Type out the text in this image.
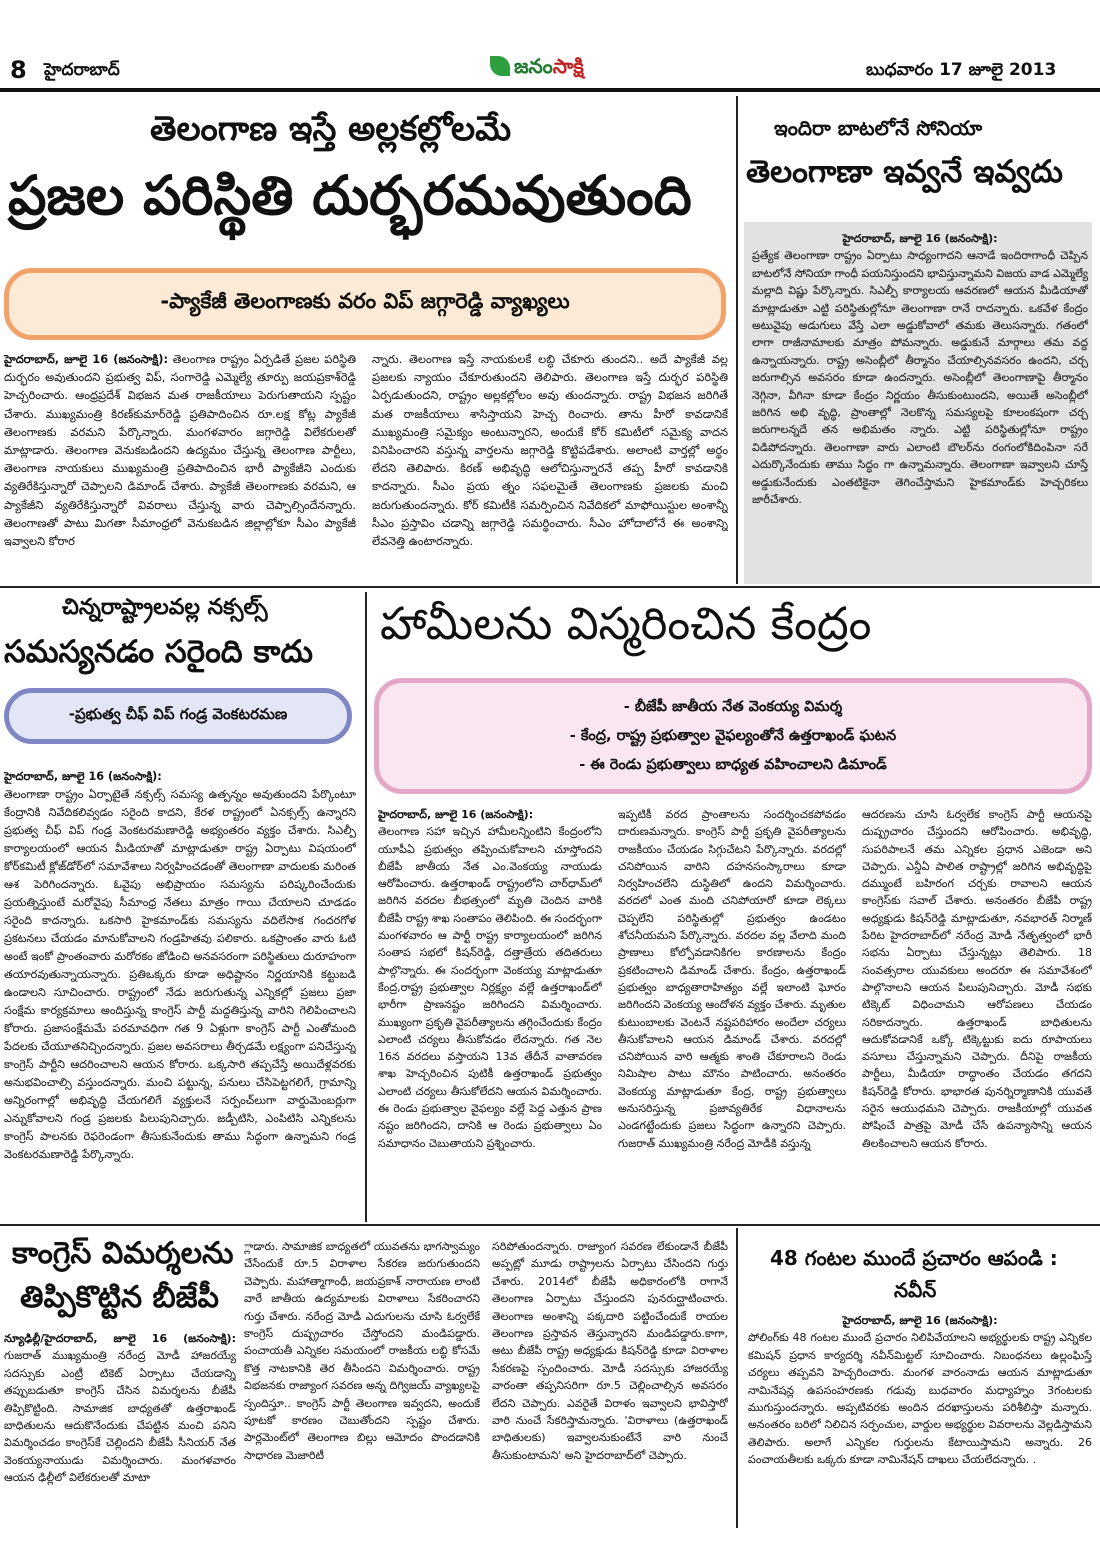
8 హైదరాబాద్‌	జనంసాక్షి	బుధవారం 17 జూలై 2013
తెలంగాణ ఇస్తే అల్లకల్లోలమే
ప్రజల పరిస్థితి దుర్భరమవుతుంది
-ప్యాకేజీ తెలంగాణకు వరం విప్‌ జగ్గారెడ్డి వ్యాఖ్యలు
హైదరాబాద్‌, జూలై 16 (జనంసాక్షి): తెలంగాణ రాష్ట్రం ఏర్పడితే ప్రజల పరిస్థితి దుర్భరం అవుతుందని ప్రభుత్వ విప్‌, సంగారెడ్డి ఎమ్మెల్యే తూర్పు జయప్రకాశ్‌రెడ్డి హెచ్చరించారు. ఆంధ్రప్రదేశ్‌ విభజన మత రాజకీయాలు పెరుగుతాయని స్పష్టం చేశారు. ముఖ్యమంత్రి కిరణ్‌కుమార్‌రెడ్డి ప్రతిపాదించిన రూ.లక్ష కోట్ల ప్యాకేజీ తెలంగాణకు వరమని పేర్కొన్నారు. మంగళవారం జగ్గారెడ్డి విలేకరులతో మాట్లాడారు. తెలంగాణ వెనుకబడిందని ఉద్యమం చేస్తున్న తెలంగాణ పార్టీలు, తెలంగాణ నాయకులు ముఖ్యమంత్రి ప్రతిపాదించిన భారీ ప్యాకేజీని ఎందుకు వ్యతిరేకిస్తున్నారో చెప్పాలని డిమాండ్‌ చేశారు. ప్యాకేజీ తెలంగాణకు వరమని, ఆ ప్యాకేజీని వ్యతిరేకిస్తున్నారో వివరాలు చేస్తున్న వారు చెప్పాల్సిందేనన్నారు. తెలంగాణతో పాటు మిగతా సీమాంధ్రలో వెనుకబడిన జిల్లాల్లోకూ సీఎం ప్యాకేజీ ఇవ్వాలని కోరార
న్నారు. తెలంగాణ ఇస్తే నాయకులకే లబ్ధి చేకూరు తుందని.. అదే ప్యాకేజీ వల్ల ప్రజలకు న్యాయం చేకూరుతుందని తెలిపారు. తెలంగాణ ఇస్తే దుర్భర పరిస్థితి ఏర్పడుతుందని, రాష్ట్రం అల్లకల్లోలం అవు తుందన్నారు. రాష్ట్ర విభజన జరిగితే మత రాజకీయాలు శాసిస్తాయని హెచ్చ రించారు. తాను హీరో కావడానికే ముఖ్యమంత్రి సమైక్యం అంటున్నారని, అందుకే కోర్‌ కమిటీలో సమైక్య వాదన వినిపించారని వస్తున్న వార్తలను జగ్గారెడ్డి కొట్టిపడేశారు. అలాంటి వార్తల్లో అర్థం లేదని తెలిపారు. కిరణ్‌ అభివృద్ధి ఆలోచిస్తున్నారనే తప్ప హీరో కావడానికి కాదన్నారు. సీఎం ప్రయ త్నం సఫలమైతే తెలంగాణకు ప్రజలకు మంచి జరుగుతుందన్నారు. కోర్‌ కమిటీకి సమర్పించిన నివేదికలో మాఫోయిస్టుల అంశాన్నీ సీఎం ప్రస్తావిం చడాన్ని జగ్గారెడ్డి సమర్థించారు. సీఎం హోదాలోనే ఈ అంశాన్ని లేవనెత్తి ఉంటారన్నారు.
ఇందిరా బాటలోనే సోనియా
తెలంగాణా ఇవ్వనే ఇవ్వదు
హైదరాబాద్‌, జూలై 16 (జనంసాక్షి):
ప్రత్యేక తెలంగాణా రాష్ట్రం ఏర్పాటు సాధ్యంగాదని ఆనాడే ఇందిరాగాంధీ చెప్పిన బాటలోనే సోనియా గాంధీ పయనిస్తుందని భావిస్తున్నామని విజయ వాడ ఎమ్మెల్యే మల్లాది విష్ణు పేర్కొన్నారు. సిఎల్పీ కార్యాలయ ఆవరణలో ఆయన మీడియాతో మాట్లాడుతూ ఎట్టి పరిస్థితుల్లోనూ తెలంగాణా రానే రాదన్నారు. ఒకవేళ కేంద్రం అటువైపు అడుగులు వేస్తే ఎలా అడ్డుకోవాలో తమకు తెలుసన్నారు. గతంలో లాగా రాజీనామాలకు మాత్రం పోమన్నారు. అడ్డుకునే మార్గాలు తమ వద్ద ఉన్నాయన్నారు. రాష్ట్ర అసెంబ్లీలో తీర్మానం చేయాల్సినవసరం ఉందని, చర్చ జరుగాల్సిన అవసరం కూడా ఉందన్నారు. అసెంబ్లీలో తెలంగాణాపై తీర్మానం నెగ్గినా, వీగినా కూడా కేంద్రం నిర్ణయం తీసుకుంటుందని, అయితే అసెంబ్లీలో జరిగిన అభి వృద్ధి, ప్రాంతాల్లో నెలకొన్న సమస్యలపై కూలంకషంగా చర్చ జరుగాలన్నదే తన అభిమతం న్నారు. ఎట్టి పరిస్థితుల్లోనూ రాష్ట్రం విడిపోదన్నారు. తెలంగాణా వారు ఎలాంటి బౌలర్‌ను రంగంలోకిదింపినా సరే ఎదుర్కొనేందుకు తాము సిద్ధం గా ఉన్నామన్నారు. తెలంగాణా ఇవ్వాలని చూస్తే అడ్డుకునేందుకు ఎంతటికైనా తెగించేస్తామని హైకమాండ్‌కు హెచ్చరికలు జారీచేశారు.
చిన్నరాష్ట్రాలవల్ల నక్సల్స్‌
సమస్యనడం సరైంది కాదు
-ప్రభుత్వ చీఫ్‌ విప్‌ గండ్ర వెంకటరమణ
హైదరాబాద్‌, జూలై 16 (జనంసాక్షి):
తెలంగాణా రాష్ట్రం ఏర్పాటైతే నక్సల్స్‌ సమస్య ఉత్పన్నం అవుతుందని పేర్కొంటూ కేంద్రానికి నివేదికలివ్వడం సరైంది కాదని, కేరళ రాష్ట్రంలో ఏనక్సల్స్‌ ఉన్నారని ప్రభుత్వ చీఫ్‌ విప్‌ గండ్ర వెంకటరమణారెడ్డి అభ్యంతరం వ్యక్తం చేశారు. సిఎల్పీ కార్యాలయంలో ఆయన మీడియాతో మాట్లాడుతూ రాష్ట్ర ఏర్పాటు విషయంలో కోర్‌కమిటీ క్లోజ్‌డోర్‌లో సమావేశాలు నిర్వహించడంతో తెలంగాణా వాదులకు మరింత ఆశ పెరిగిందన్నారు. ఓవైపు అభిప్రాయం సమస్యను పరిష్కరించేందుకు ప్రయత్నిస్తుంటే మరోవైపు సీమాంధ్ర నేతలు మాత్రం గాయి చేయాలని చూడడం సరైంది కాదన్నారు. ఒకసారి హైకమాండ్‌కు సమస్యను వదిలేసాక గందరగోళ ప్రకటనలు చేయడం మానుకోవాలని గండ్రహితవు పలికారు. ఒకప్రాంతం వారు ఓటి అంటే ఇంకో ప్రాంతంవారు మరోరకం జోడించి అనవసరంగా పరిస్థితులు దురూహంగా తయారవుతున్నాయన్నారు. ప్రతిఒక్కరు కూడా అధిష్టానం నిర్ణయానికి కట్టుబడి ఉండాలని సూచించారు. రాష్ట్రంలో నేడు జరుగుతున్న ఎన్నికల్లో ప్రజలు ప్రజా సంక్షేమ కార్యక్రమాలు అందిస్తున్న కాంగ్రెస్‌ పార్టీ మద్దతిస్తున్న వారిని గెలిపించాలని కోరారు. ప్రజాసంక్షేమమే పరమావధిగా గత 9 ఏళ్లుగా కాంగ్రెస్‌ పార్టీ ఎంతోమంది పేదలకు చేయూతనిచ్చిందన్నారు. ప్రజల అవసరాలు తీర్చడమే లక్ష్యంగా పనిచేస్తున్న కాంగ్రెస్‌ పార్టీని ఆదరించాలని ఆయన కోరారు. ఒక్కసారి తప్పచేస్తే అయిదేళ్లవరకు అనుభవించాల్సి వస్తుందన్నారు. మంచి పట్టున్న, పనులు చేసిపెట్టగలిగే, గ్రామాన్ని అన్నిరంగాల్లో అభివృద్ధి చేయగలిగే వ్యక్తులనే సర్పంచ్‌లుగా వార్డుమెంబర్లుగా ఎన్నుకోవాలని గండ్ర ప్రజలకు పిలుపునిచ్చారు. జడ్పీటిసి, ఎంపిటిసి ఎన్నికలను కాంగ్రెస్‌ పాలనకు రెఫరెండంగా తీసుకునేందుకు తాము సిద్ధంగా ఉన్నామని గండ్ర వెంకటరమణారెడ్డి పేర్కొన్నారు.
హామీలను విస్మరించిన కేంద్రం
- బీజేపీ జాతీయ నేత వెంకయ్య విమర్శ
- కేంద్ర, రాష్ట్ర ప్రభుత్వాల వైఫల్యంతోనే ఉత్తరాఖండ్‌ ఘటన
- ఈ రెండు ప్రభుత్వాలు బాధ్యత వహించాలని డిమాండ్‌
హైదరాబాద్‌, జూలై 16 (జనంసాక్షి):
తెలంగాణ సహా ఇచ్చిన హామీలన్నింటిని కేంద్రంలోని యూపీఏ ప్రభుత్వం తప్పించుకోవాలని చూస్తోందని బీజేపీ జాతీయ నేత ఎం.వెంకయ్య నాయుడు ఆరోపించారు. ఉత్తరాఖండ్‌ రాష్ట్రంలోని చార్‌ధామ్‌లో జరిగిన వరదల బీభత్సంలో మృతి చెందిన వారికి బీజేపీ రాష్ట్ర శాఖ సంతాపం తెలిపింది. ఈ సందర్భంగా మంగళవారం ఆ పార్టీ రాష్ట్ర కార్యాలయంలో జరిగిన సంతాప సభలో కిషన్‌రెడ్డి, దత్తాత్రేయ తదితరులు పాల్గొన్నారు. ఈ సందర్భంగా వెంకయ్య మాట్లాడుతూ కేంద్ర,రాష్ట్ర ప్రభుత్వాల నిర్లక్ష్యం వల్లే ఉత్తరాఖండ్‌లో భారీగా ప్రాణనష్టం జరిగిందని విమర్శించారు. ముఖ్యంగా ప్రకృతి వైపరీత్యాలను తగ్గించేందుకు కేంద్రం ఎలాంటి చర్యలు తీసుకోవడం లేదన్నారు. గత నెల 16న వరదలు వస్తాయని 13వ తేదీనే వాతావరణ శాఖ హెచ్చరించిన పుటికీ ఉత్తరాఖండ్‌ ప్రభుత్వం ఎలాంటి చర్యలు తీసుకోలేదని ఆయన విమర్శించారు. ఈ రెండు ప్రభుత్వాల వైఫల్యం వల్లే పెద్ద ఎత్తున ప్రాణ నష్టం జరిగిందని, దానికి ఆ రెండు ప్రభుత్వాలు ఏం సమాధానం చెబుతాయని ప్రశ్నించారు.
ఇప్పటికీ వరద ప్రాంతాలను సందర్శించకపోవడం దారుణమన్నారు. కాంగ్రెస్‌ పార్టీ ప్రకృతి వైపరీత్యాలను రాజకీయం చేయడం సిగ్గుచేటని పేర్కొన్నారు. వరదల్లో చనిపోయిన వారిని దహనసంస్కారాలు కూడా నిర్వహించలేని దుస్థితిలో ఉందని విమర్శించారు. వరదలో ఎంత మంది చనిపోయారో కూడా లెక్కలు చెప్పలేని పరిస్థితుల్లో ప్రభుత్వం ఉండటం శోచనీయమని పేర్కొన్నారు. వరదల వల్ల వేలాది మంది ప్రాణాలు కోల్పోవడానికిగల కారణాలను కేంద్రం ప్రకటించాలని డిమాండ్‌ చేశారు. కేంద్రం, ఉత్తరాఖండ్‌ ప్రభుత్వం బాధ్యతారాహిత్యం వల్లే ఇలాంటి ఘోరం జరిగిందని వెంకయ్య ఆందోళన వ్యక్తం చేశారు. మృతుల కుటుంబాలకు వెంటనే నష్టపరిహారం అందేలా చర్యలు తీసుకోవాలని ఆయన డిమాండ్‌ చేశారు. వరదల్లో చనిపోయిన వారి ఆత్మకు శాంతి చేకూరాలని రెండు నిమిషాల పాటు మౌనం పాటించారు. అనంతరం వెంకయ్య మాట్లాడుతూ కేంద్ర, రాష్ట్ర ప్రభుత్వాలు అనుసరిస్తున్న ప్రజావ్యతిరేక విధానాలను ఎండగట్టేందుకు ప్రజలు సిద్ధంగా ఉన్నారని చెప్పారు. గుజరాత్‌ ముఖ్యమంత్రి నరేంద్ర మోడీకి వస్తున్న
ఆదరణను చూసి ఓర్వలేక కాంగ్రెస్‌ పార్టీ ఆయనపై దుష్ప్రచారం చేస్తుందని ఆరోపించారు. అభివృద్ధి, సుపరిపాలనే తమ ఎన్నికల ప్రధాన ఎజెండా అని చెప్పారు. ఎన్డీఏ పాలిత రాష్ట్రాల్లో జరిగిన అభివృద్ధిపై దమ్ముంటే బహిరంగ చర్చకు రావాలని ఆయన కాంగ్రెస్‌కు సవాల్‌ చేశారు. అనంతరం బీజేపీ రాష్ట్ర అధ్యక్షుడు కిషన్‌రెడ్డి మాట్లాడుతూ, నవభారత్‌ నిర్మాణ్‌ పేరిట హైదరాబాద్‌లో నరేంద్ర మోడీ నేతృత్వంలో భారీ సభను ఏర్పాటు చేస్తున్నట్లు తెలిపారు. 18 సంవత్సరాల యువకులు అందరూ ఈ సమావేశంలో పాల్గొనాలని ఆయన పిలుపునిచ్చారు. మోడీ సభకు టిక్కెట్‌ విధించామని ఆరోపణలు చేయడం సరికాదన్నారు. ఉత్తరాఖండ్‌ బాధితులను ఆదుకోవడానికే ఒక్కో టిక్కెట్టుకు ఐదు రూపాయలు వసూలు చేస్తున్నామని చెప్పారు. దీనిపై రాజకీయ పార్టీలు, మీడియా రాద్ధాంతం చేయడం తగదని కిషన్‌రెడ్డి కోరారు. భాభారత పునర్నిర్మాణానికి యువతే సరైన ఆయుధమని చెప్పారు. రాజకీయాల్లో యువత పోషించే పాత్రపై మోడీ చేసే ఉపన్యాసాన్ని ఆయన తిలకించాలని ఆయన కోరారు.
కాంగ్రెస్‌ విమర్శలను
తిప్పికొట్టిన బీజేపీ
న్యూఢిల్లీ/హైదరాబాద్‌, జూలై 16 (జనంసాక్షి): గుజరాత్‌ ముఖ్యమంత్రి నరేంద్ర మోడీ హాజరయ్యే సదస్సుకు ఎంట్రీ టికెట్‌ ఏర్పాటు చేయడాన్ని తప్పుబడుతూ కాంగ్రెస్‌ చేసిన విమర్శలను బీజేపీ తిప్పికొట్టింది. సామాజిక బాధ్యతతో ఉత్తరాఖండ్‌ బాధితులను ఆదుకొనేందుకు చేపట్టిన మంచి పనిని విమర్శించడం కాంగ్రెస్‌కే చెల్లిందని బీజేపీ సీనియర్‌ నేత వెంకయ్యనాయుడు విమర్శించారు. మంగళవారం ఆయన ఢిల్లీలో విలేకరులతో మాటా
్లాడారు. సామాజిక బాధ్యతలో యువతను భాగస్వామ్యం చేసేందుకే రూ.5 విరాళాల సేకరణ జరుగుతుందని చెప్పారు. మహాత్మాగాంధీ, జయప్రకాశ్‌ నారాయణ లాంటి వారే జాతీయ ఉద్యమాలకు విరాళాలు సేకరించారని గుర్తు చేశారు. నరేంద్ర మోడీ ఎదుగులను చూసి ఓర్వలేకే కాంగ్రెస్‌ దుష్ప్రచారం చేస్తోందని మండిపడ్డారు. పంచాయతీ ఎన్నికల సమయంలో రాజకీయ లబ్ధి కోసమే కొత్త నాటకానికి తెర తీసిందని విమర్శించారు. రాష్ట్ర విభజనకు రాజ్యాంగ సవరణ అన్న దిగ్విజయ్‌ వ్యాఖ్యలపై స్పందిస్తూ.. కాంగ్రెస్‌ పార్టీ తెలంగాణ ఇవ్వదని, అందుకే పూటకో కారణం చెబుతోందని స్పష్టం చేశారు. పార్లమెంట్‌లో తెలంగాణ బిల్లు ఆమోదం పొందడానికి సాధారణ మెజారిటీ
సరిపోతుందన్నారు. రాజ్యాంగ సవరణ లేకుండానే బీజేపీ అప్పట్లో మూడు రాష్ట్రాలను ఏర్పాటు చేసిందని గుర్తు చేశారు. 2014లో బీజేపీ అధికారంలోకి రాగానే తెలంగాణ ఏర్పాటు చేస్తుందని పునరుద్ఘాటించారు. తెలంగాణ అంశాన్ని పక్కదారి పట్టించేందుకే రాయల తెలంగాణ ప్రస్తావన తెస్తున్నారని మండిపడ్డారు.కాగా, అటు బీజేపీ రాష్ట్ర అధ్యక్షుడు కిషన్‌రెడ్డి కూడా విరాళాల సేకరణపై స్పందించారు. మోడీ సదస్సుకు హాజరయ్యే వారంతా తప్పనిసరిగా రూ.5 చెల్లించాల్సిన అవసరం లేదని చెప్పారు. ఎవరైతే విరాళం ఇవ్వాలని భావిస్తారో వారి నుంచే సేకరిస్తామన్నారు. 'విరాళాలు (ఉత్తరాఖండ్‌ బాధితులకు) ఇవ్వాలనుకుంటేనే వారి నుంచే తీసుకుంటామని' అని హైదరాబాద్‌లో చెప్పారు.
48 గంటల ముందే ప్రచారం ఆపండి :
నవీన్‌
హైదరాబాద్‌, జూలై 16 (జనంసాక్షి):
పోలింగ్‌కు 48 గంటల ముందే ప్రచారం నిలిపివేయాలని అభ్యర్థులకు రాష్ట్ర ఎన్నికల కమిషన్‌ ప్రధాన కార్యదర్శి నవీన్‌మిట్టల్‌ సూచించారు. నిబంధనలు ఉల్లంఘిస్తే చర్యలు తప్పవని హెచ్చరించారు. మంగళ వారంనాడు ఆయన మాట్లాడుతూ నామినేషన్ల ఉపసంహరణకు గడువు బుధవారం మధ్యాహ్నం 3గంటలకు ముగుస్తుందన్నారు. అప్పటివరకు అందిన దరఖాస్తులను పరిశీలిస్తా మన్నారు. అనంతరం బరిలో నిలిచిన సర్పంచుల, వార్డుల అభ్యర్థుల వివరాలను వెల్లడిస్తామని తెలిపారు. అలాగే ఎన్నికల గుర్తులను కేటాయిస్తామని అన్నారు. 26 పంచాయతీలకు ఒక్కరు కూడా నామినేషన్‌ దాఖలు చేయలేదన్నారు. .
